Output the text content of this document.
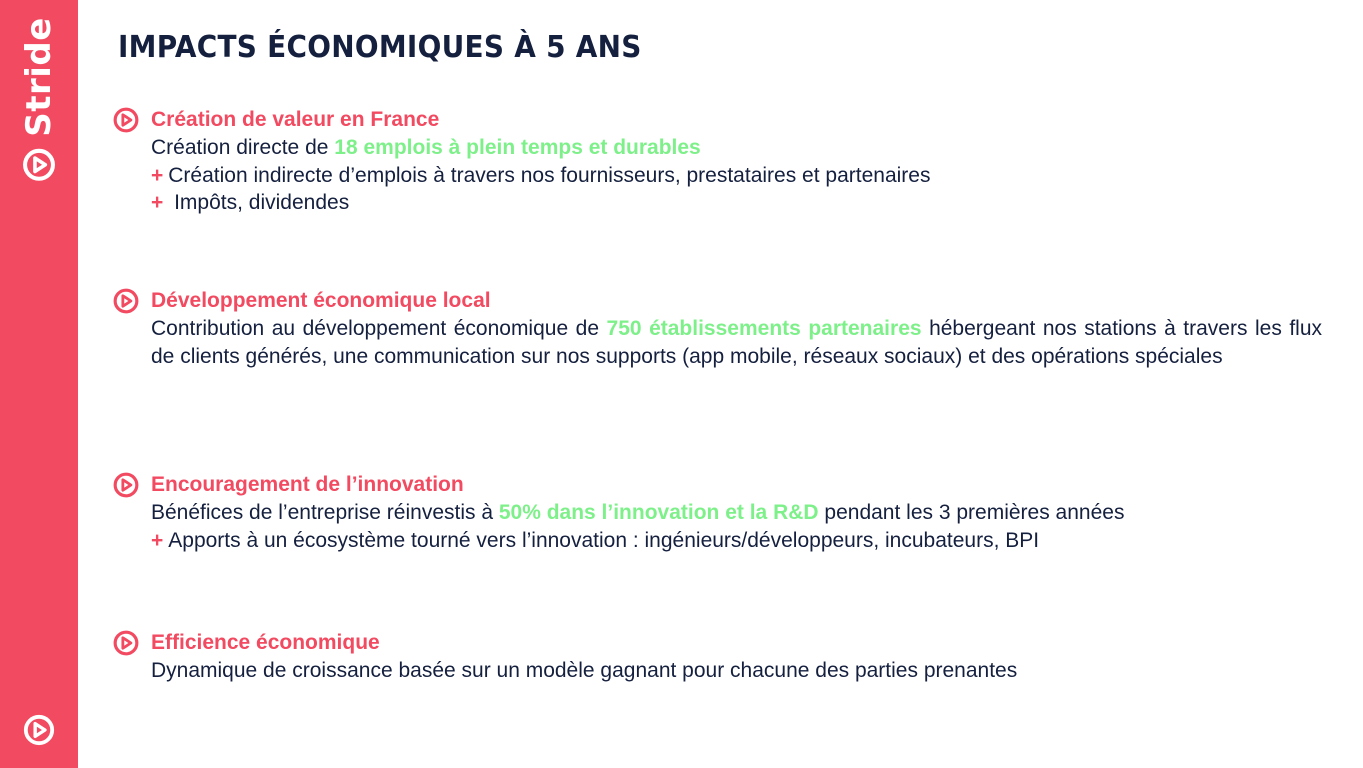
Stride IMPACTS ÉCONOMIQUES À 5 ANS
Création de valeur en France

Création directe de 18 emplois à plein temps et durables

+ Création indirecte d’emplois à travers nos fournisseurs, prestataires et partenaires

+ Impôts, dividendes

Développement économique local

Contribution au développement économique de 750 établissements partenaires hébergeant nos stations à travers les flux de clients générés, une communication sur nos supports (app mobile, réseaux sociaux) et des opérations spéciales

Encouragement de l’innovation

Bénéfices de l’entreprise réinvestis à 50% dans l’innovation et la R&D pendant les 3 premières années

+ Apports à un écosystème tourné vers l’innovation : ingénieurs/développeurs, incubateurs, BPI

Efficience économique

Dynamique de croissance basée sur un modèle gagnant pour chacune des parties prenantes
